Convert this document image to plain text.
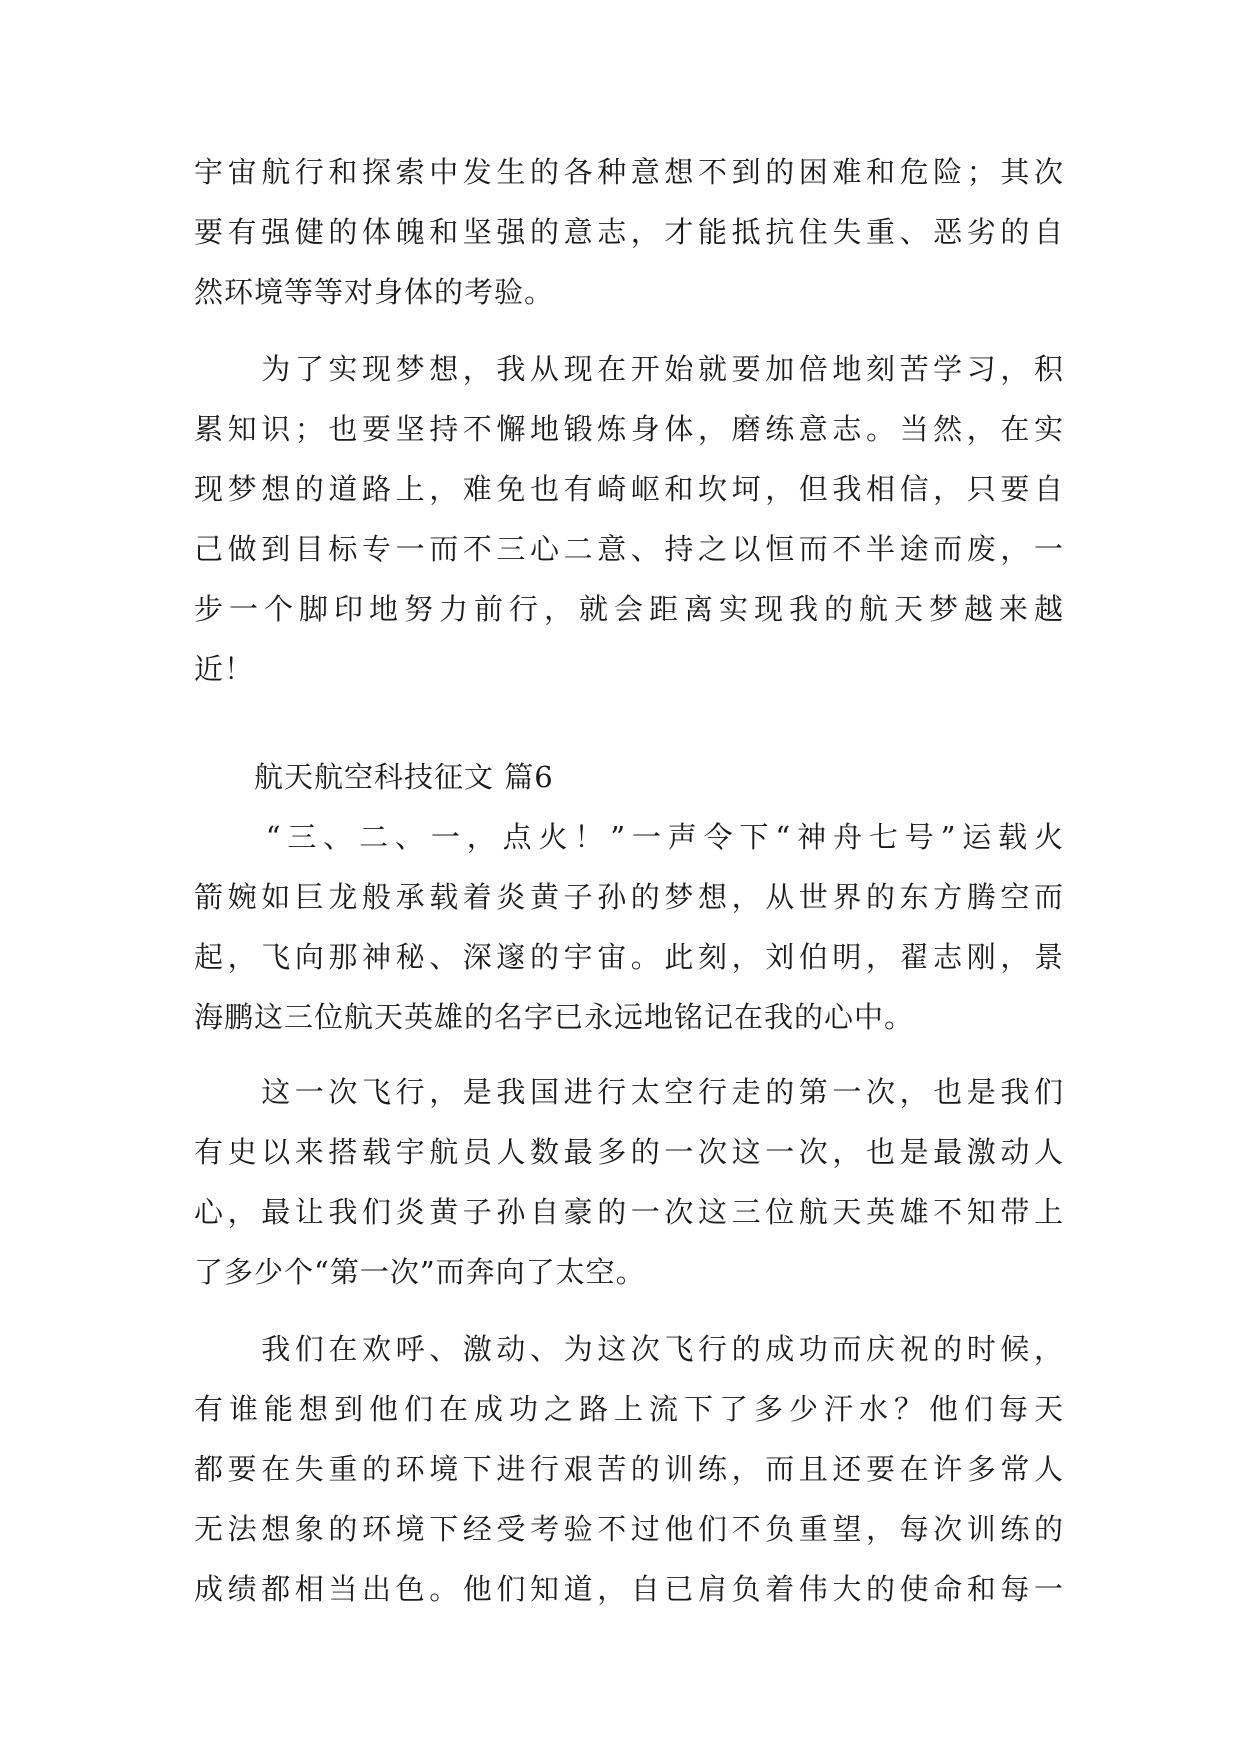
宇宙航行和探索中发生的各种意想不到的困难和危险；其次
要有强健的体魄和坚强的意志，才能抵抗住失重、恶劣的自
然环境等等对身体的考验。
　　为了实现梦想，我从现在开始就要加倍地刻苦学习，积
累知识；也要坚持不懈地锻炼身体，磨练意志。当然，在实
现梦想的道路上，难免也有崎岖和坎坷，但我相信，只要自
己做到目标专一而不三心二意、持之以恒而不半途而废，一
步一个脚印地努力前行，就会距离实现我的航天梦越来越
近！
　　航天航空科技征文 篇6
　　“三、二、一，点火！”一声令下“神舟七号”运载火
箭婉如巨龙般承载着炎黄子孙的梦想，从世界的东方腾空而
起，飞向那神秘、深邃的宇宙。此刻，刘伯明，翟志刚，景
海鹏这三位航天英雄的名字已永远地铭记在我的心中。
　　这一次飞行，是我国进行太空行走的第一次，也是我们
有史以来搭载宇航员人数最多的一次这一次，也是最激动人
心，最让我们炎黄子孙自豪的一次这三位航天英雄不知带上
了多少个“第一次”而奔向了太空。
　　我们在欢呼、激动、为这次飞行的成功而庆祝的时候，
有谁能想到他们在成功之路上流下了多少汗水？他们每天
都要在失重的环境下进行艰苦的训练，而且还要在许多常人
无法想象的环境下经受考验不过他们不负重望，每次训练的
成绩都相当出色。他们知道，自已肩负着伟大的使命和每一
